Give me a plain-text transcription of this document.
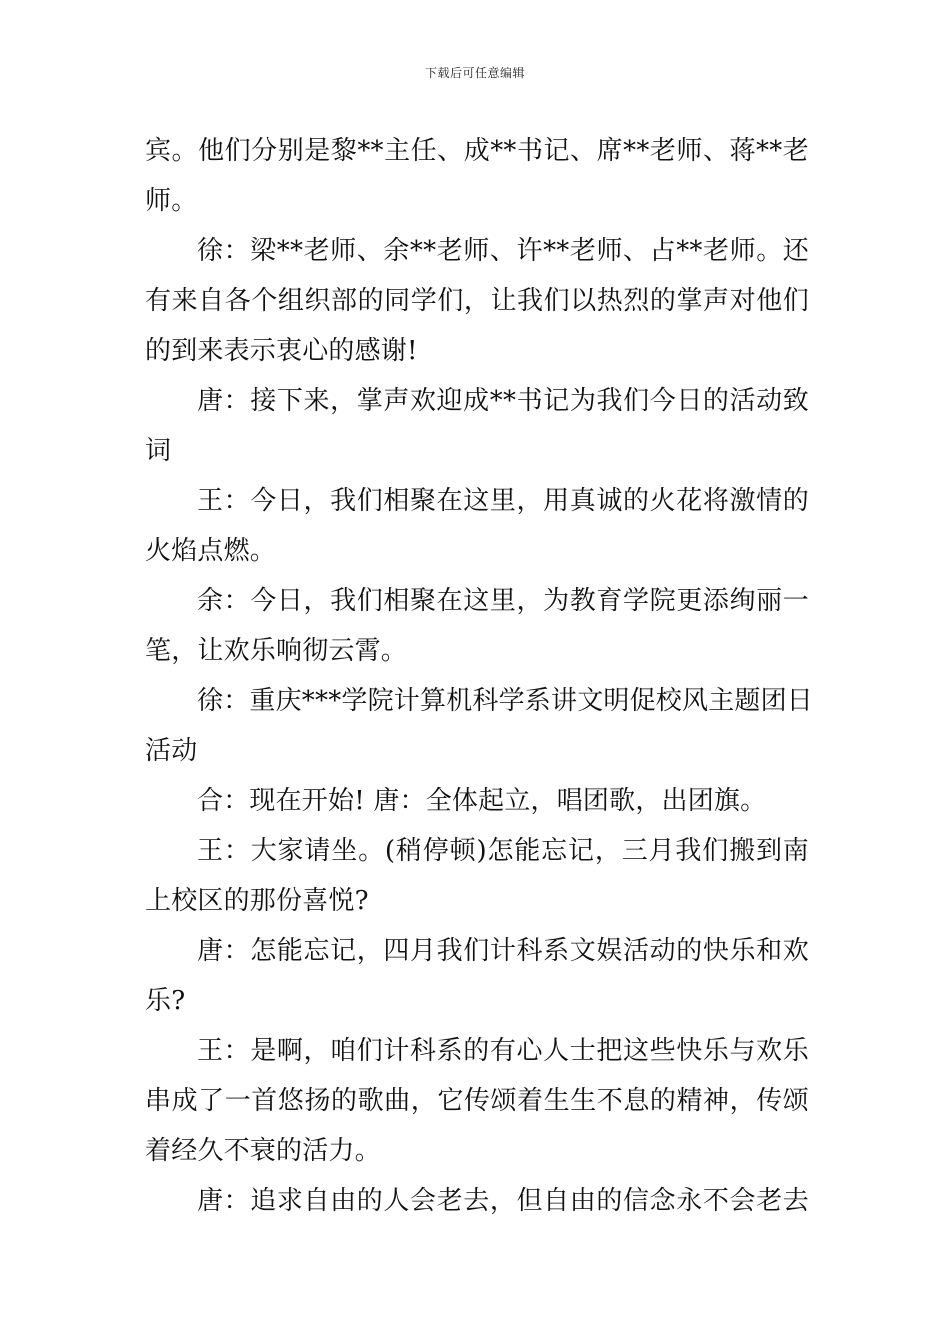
下载后可任意编辑
宾。他们分别是黎**主任、成**书记、席**老师、蒋**老
师。
徐：梁**老师、余**老师、许**老师、占**老师。还
有来自各个组织部的同学们，让我们以热烈的掌声对他们
的到来表示衷心的感谢!
唐：接下来，掌声欢迎成**书记为我们今日的活动致
词
王：今日，我们相聚在这里，用真诚的火花将激情的
火焰点燃。
余：今日，我们相聚在这里，为教育学院更添绚丽一
笔，让欢乐响彻云霄。
徐：重庆***学院计算机科学系讲文明促校风主题团日
活动
合：现在开始! 唐：全体起立，唱团歌，出团旗。
王：大家请坐。(稍停顿)怎能忘记，三月我们搬到南
上校区的那份喜悦?
唐：怎能忘记，四月我们计科系文娱活动的快乐和欢
乐?
王：是啊，咱们计科系的有心人士把这些快乐与欢乐
串成了一首悠扬的歌曲，它传颂着生生不息的精神，传颂
着经久不衰的活力。
唐：追求自由的人会老去，但自由的信念永不会老去
